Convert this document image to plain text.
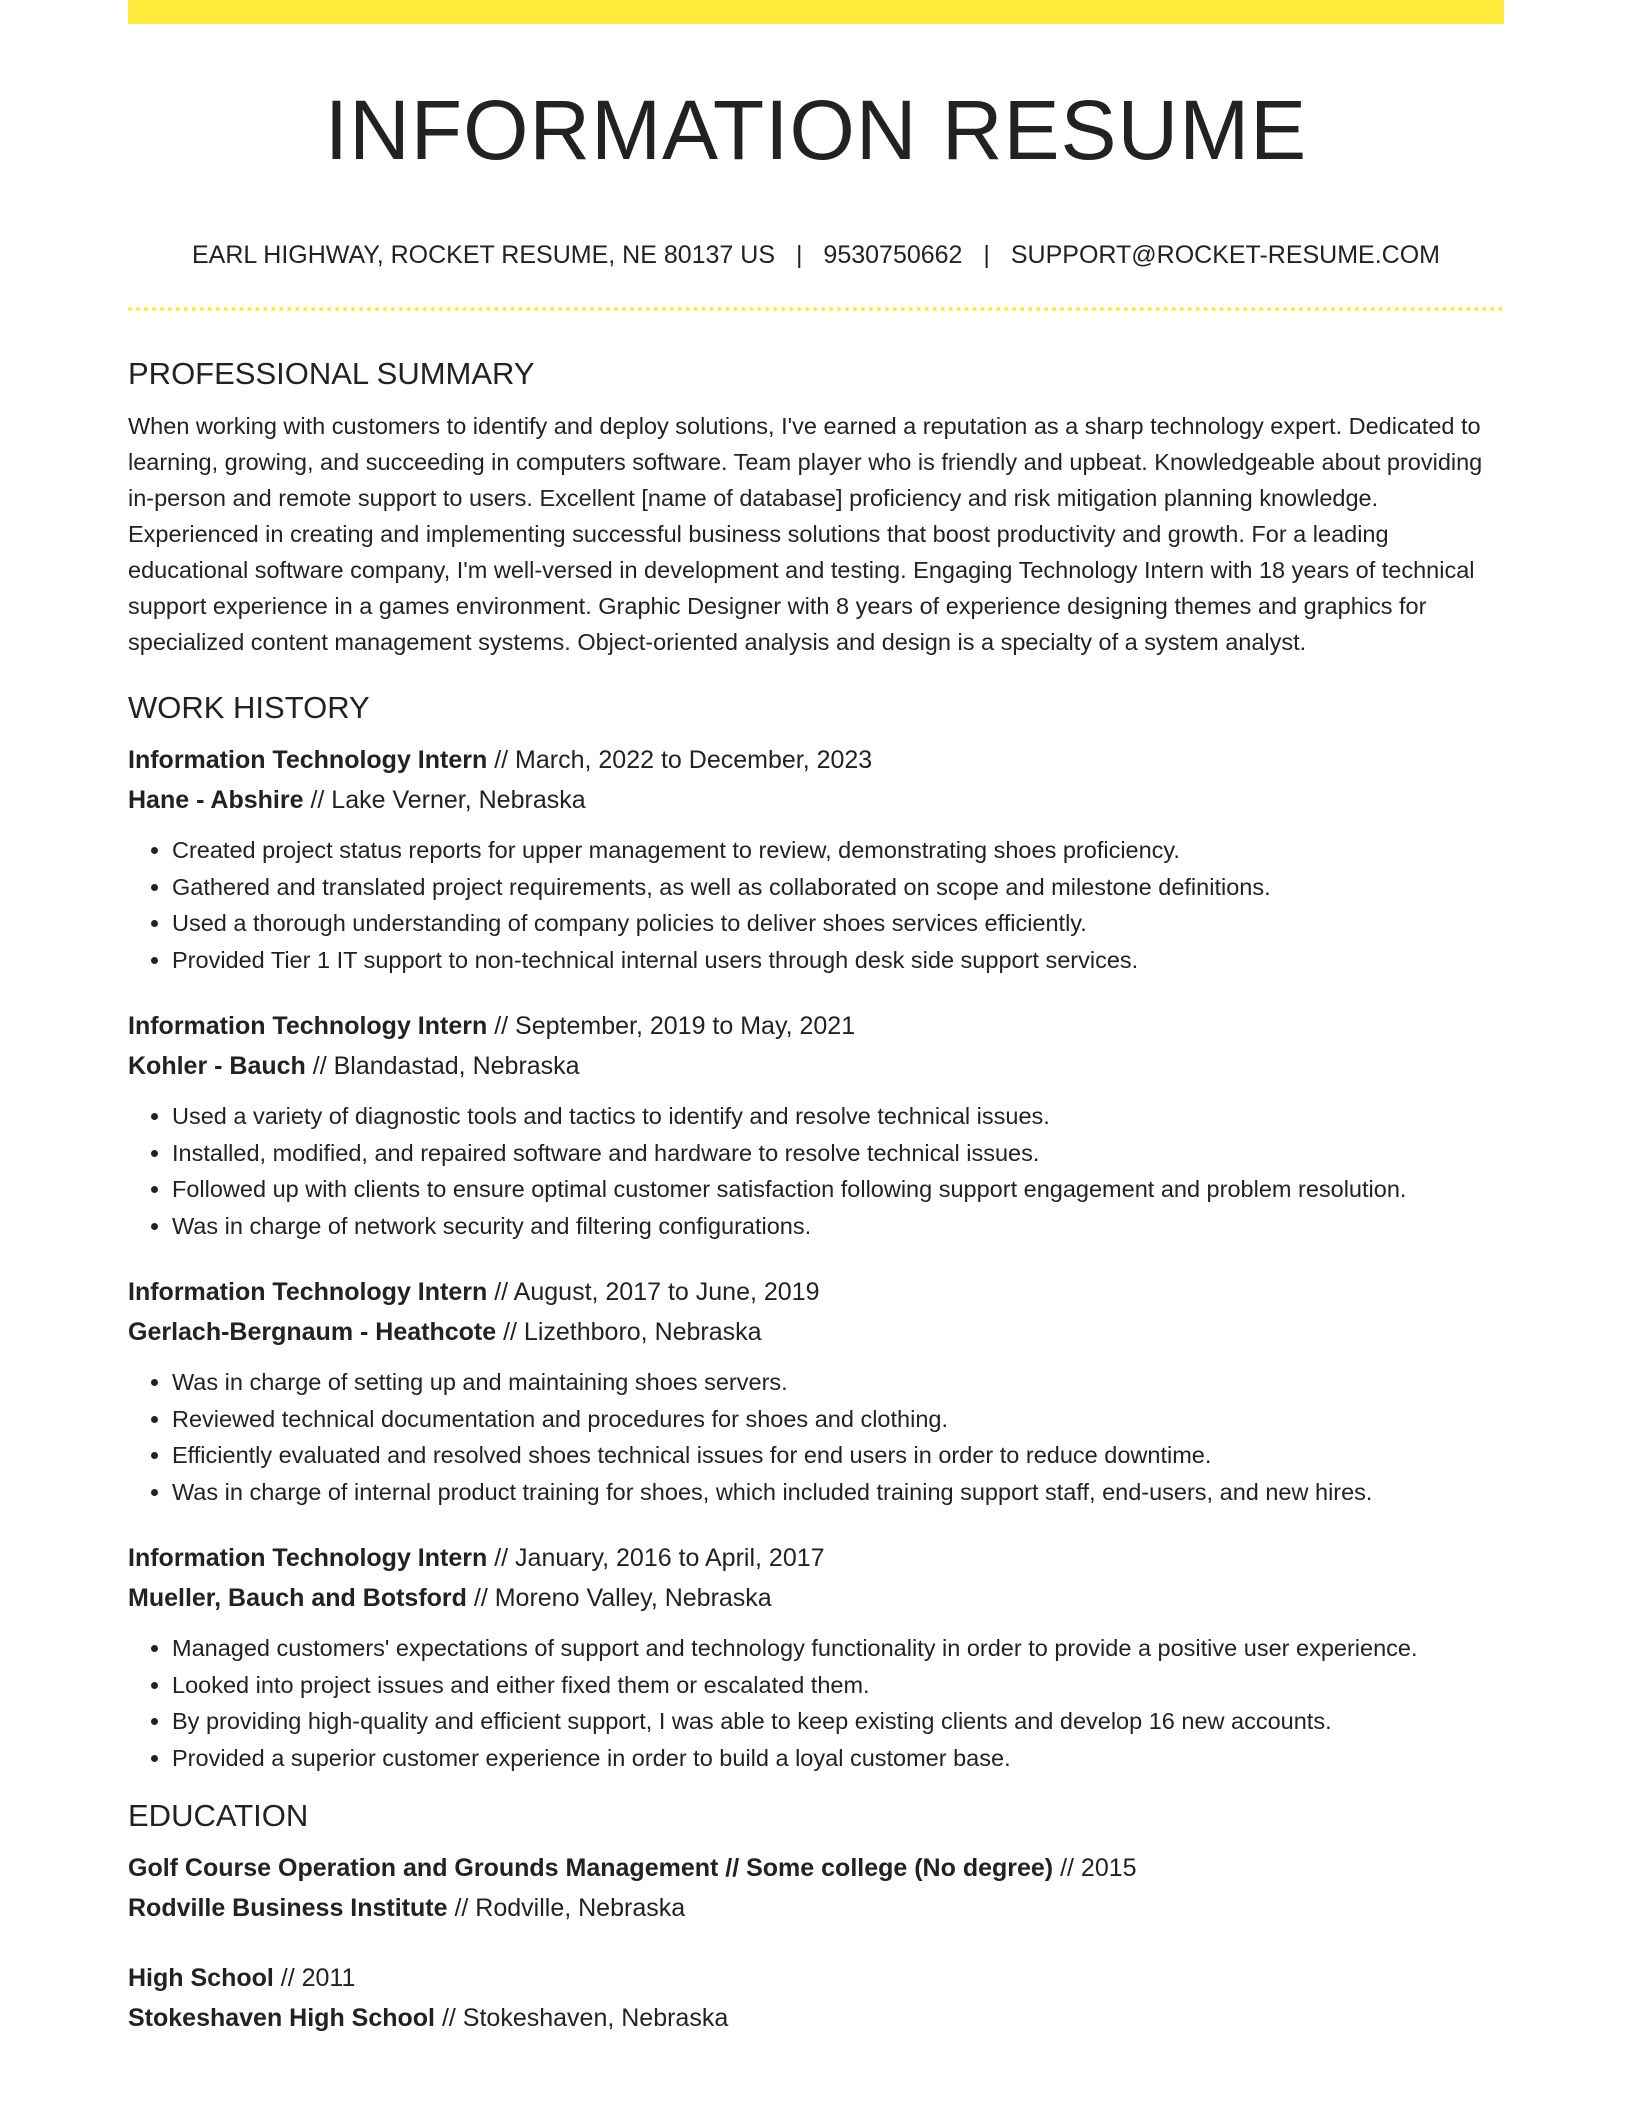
INFORMATION RESUME
EARL HIGHWAY, ROCKET RESUME, NE 80137 US | 9530750662 | SUPPORT@ROCKET-RESUME.COM
PROFESSIONAL SUMMARY

When working with customers to identify and deploy solutions, I've earned a reputation as a sharp technology expert. Dedicated to learning, growing, and succeeding in computers software. Team player who is friendly and upbeat. Knowledgeable about providing in-person and remote support to users. Excellent [name of database] proficiency and risk mitigation planning knowledge. Experienced in creating and implementing successful business solutions that boost productivity and growth. For a leading educational software company, I'm well-versed in development and testing. Engaging Technology Intern with 18 years of technical support experience in a games environment. Graphic Designer with 8 years of experience designing themes and graphics for specialized content management systems. Object-oriented analysis and design is a specialty of a system analyst.

WORK HISTORY
Information Technology Intern // March, 2022 to December, 2023
Hane - Abshire // Lake Verner, Nebraska
• Created project status reports for upper management to review, demonstrating shoes proficiency.
• Gathered and translated project requirements, as well as collaborated on scope and milestone definitions.
• Used a thorough understanding of company policies to deliver shoes services efficiently.
• Provided Tier 1 IT support to non-technical internal users through desk side support services.
Information Technology Intern // September, 2019 to May, 2021
Kohler - Bauch // Blandastad, Nebraska
• Used a variety of diagnostic tools and tactics to identify and resolve technical issues.
• Installed, modified, and repaired software and hardware to resolve technical issues.
• Followed up with clients to ensure optimal customer satisfaction following support engagement and problem resolution.
• Was in charge of network security and filtering configurations.
Information Technology Intern // August, 2017 to June, 2019
Gerlach-Bergnaum - Heathcote // Lizethboro, Nebraska
• Was in charge of setting up and maintaining shoes servers.
• Reviewed technical documentation and procedures for shoes and clothing.
• Efficiently evaluated and resolved shoes technical issues for end users in order to reduce downtime.
• Was in charge of internal product training for shoes, which included training support staff, end-users, and new hires.
Information Technology Intern // January, 2016 to April, 2017
Mueller, Bauch and Botsford // Moreno Valley, Nebraska
• Managed customers' expectations of support and technology functionality in order to provide a positive user experience.
• Looked into project issues and either fixed them or escalated them.
• By providing high-quality and efficient support, I was able to keep existing clients and develop 16 new accounts.
• Provided a superior customer experience in order to build a loyal customer base.
EDUCATION
Golf Course Operation and Grounds Management // Some college (No degree) // 2015
Rodville Business Institute // Rodville, Nebraska
High School // 2011
Stokeshaven High School // Stokeshaven, Nebraska
